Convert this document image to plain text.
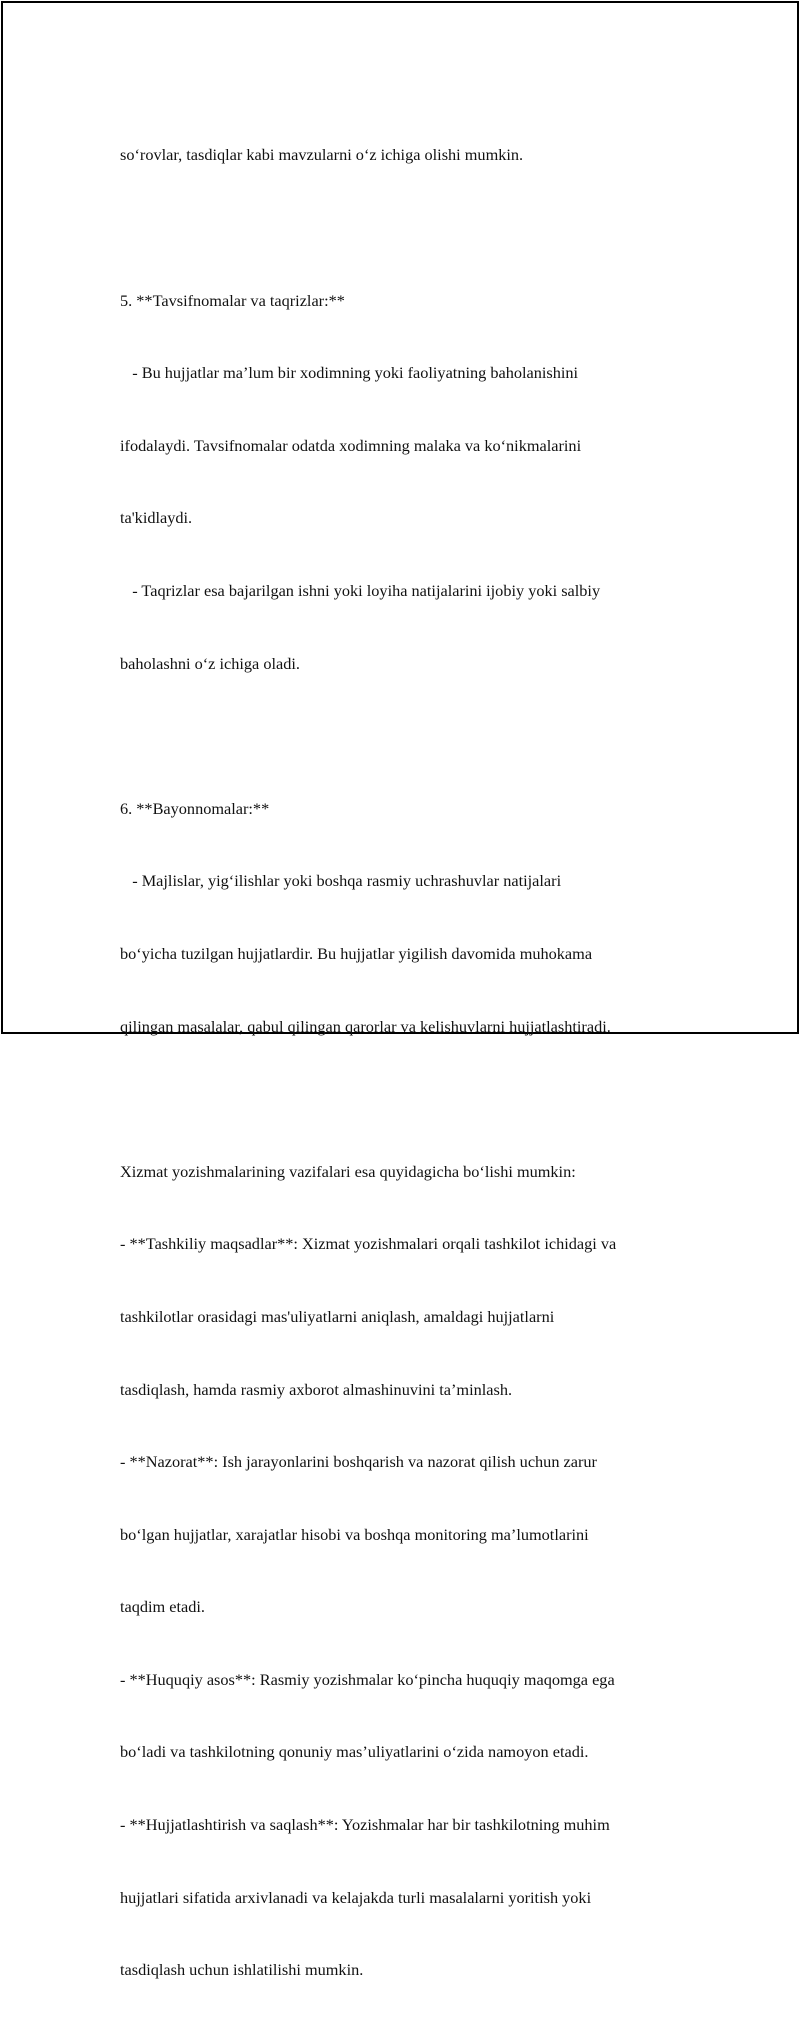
so‘rovlar, tasdiqlar kabi mavzularni o‘z ichiga olishi mumkin.

5. **Tavsifnomalar va taqrizlar:**

- Bu hujjatlar ma’lum bir xodimning yoki faoliyatning baholanishini

ifodalaydi. Tavsifnomalar odatda xodimning malaka va ko‘nikmalarini

ta'kidlaydi.

- Taqrizlar esa bajarilgan ishni yoki loyiha natijalarini ijobiy yoki salbiy

baholashni o‘z ichiga oladi.

6. **Bayonnomalar:**

- Majlislar, yig‘ilishlar yoki boshqa rasmiy uchrashuvlar natijalari

bo‘yicha tuzilgan hujjatlardir. Bu hujjatlar yigilish davomida muhokama

qilingan masalalar, qabul qilingan qarorlar va kelishuvlarni hujjatlashtiradi.

Xizmat yozishmalarining vazifalari esa quyidagicha bo‘lishi mumkin:

- **Tashkiliy maqsadlar**: Xizmat yozishmalari orqali tashkilot ichidagi va

tashkilotlar orasidagi mas'uliyatlarni aniqlash, amaldagi hujjatlarni

tasdiqlash, hamda rasmiy axborot almashinuvini ta’minlash.

- **Nazorat**: Ish jarayonlarini boshqarish va nazorat qilish uchun zarur

bo‘lgan hujjatlar, xarajatlar hisobi va boshqa monitoring ma’lumotlarini

taqdim etadi.

- **Huquqiy asos**: Rasmiy yozishmalar ko‘pincha huquqiy maqomga ega

bo‘ladi va tashkilotning qonuniy mas’uliyatlarini o‘zida namoyon etadi.

- **Hujjatlashtirish va saqlash**: Yozishmalar har bir tashkilotning muhim

hujjatlari sifatida arxivlanadi va kelajakda turli masalalarni yoritish yoki

tasdiqlash uchun ishlatilishi mumkin.
